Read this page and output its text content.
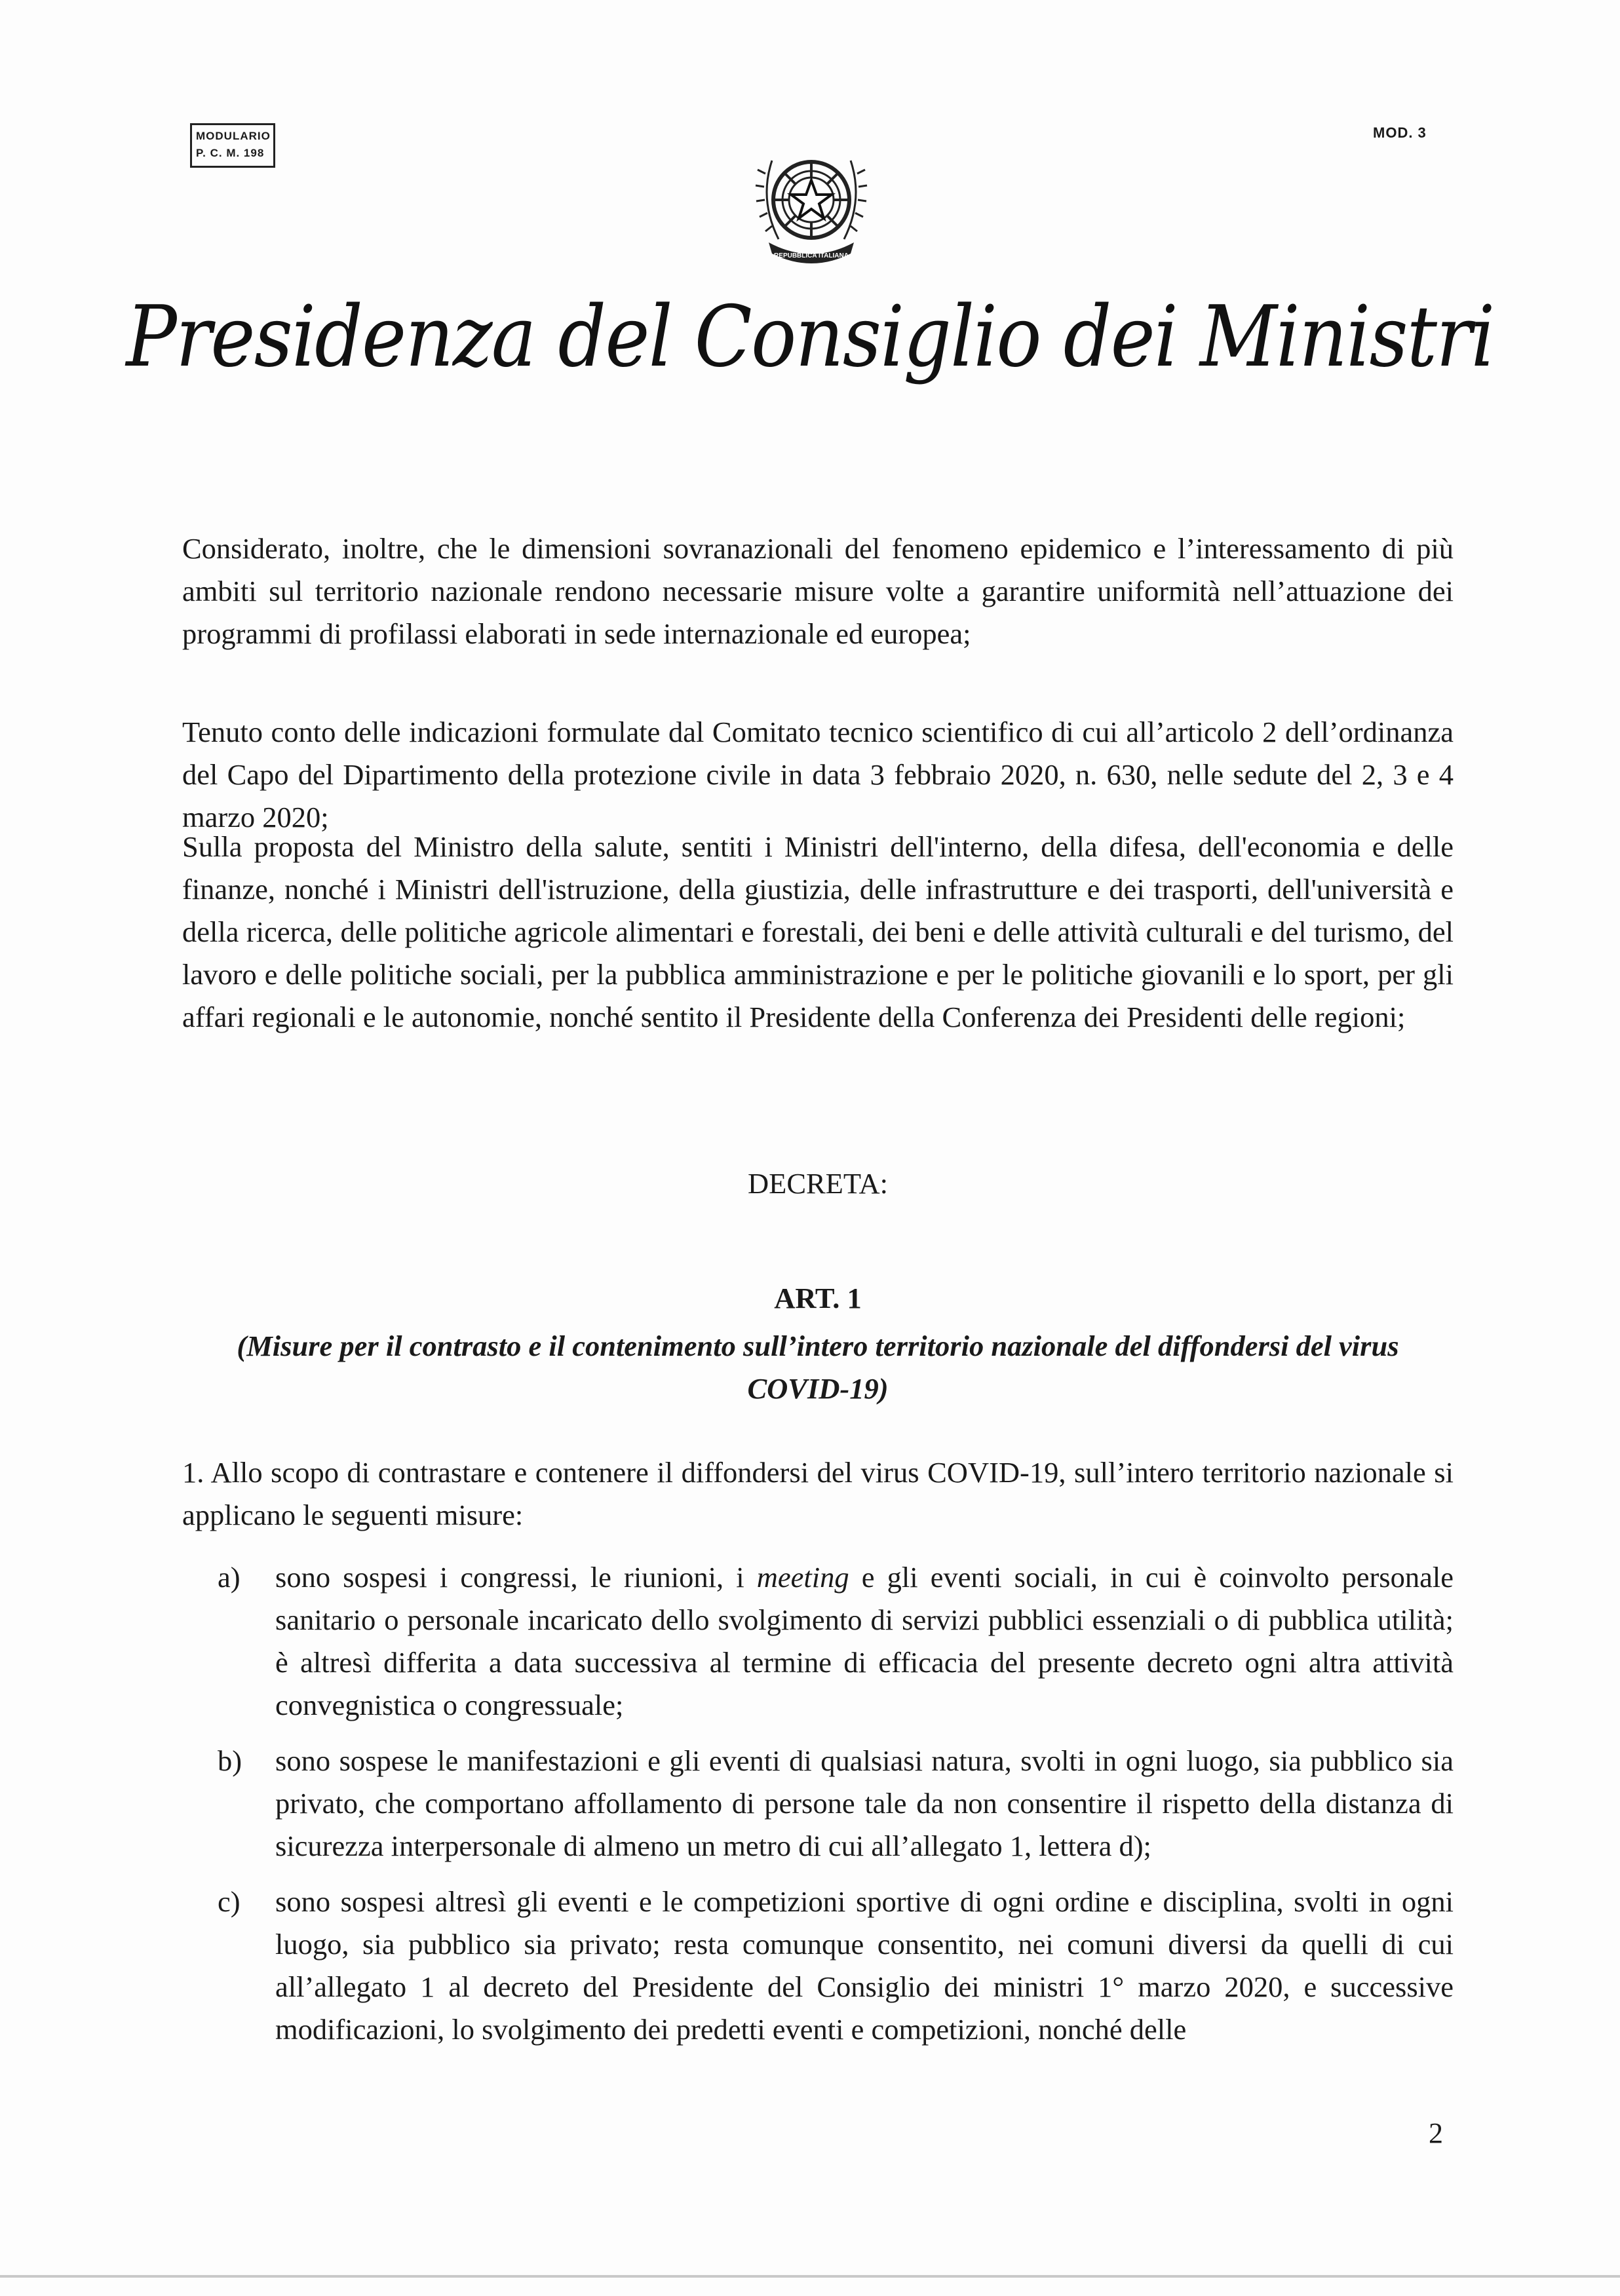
MODULARIO
P. C. M. 198
MOD. 3
REPUBBLICA ITALIANA
Presidenza del Consiglio dei Ministri

Considerato, inoltre, che le dimensioni sovranazionali del fenomeno epidemico e l’interessamento di più ambiti sul territorio nazionale rendono necessarie misure volte a garantire uniformità nell’attuazione dei programmi di profilassi elaborati in sede internazionale ed europea;

Tenuto conto delle indicazioni formulate dal Comitato tecnico scientifico di cui all’articolo 2 dell’ordinanza del Capo del Dipartimento della protezione civile in data 3 febbraio 2020, n. 630, nelle sedute del 2, 3 e 4 marzo 2020;

Sulla proposta del Ministro della salute, sentiti i Ministri dell'interno, della difesa, dell'economia e delle finanze, nonché i Ministri dell'istruzione, della giustizia, delle infrastrutture e dei trasporti, dell'università e della ricerca, delle politiche agricole alimentari e forestali, dei beni e delle attività culturali e del turismo, del lavoro e delle politiche sociali, per la pubblica amministrazione e per le politiche giovanili e lo sport, per gli affari regionali e le autonomie, nonché sentito il Presidente della Conferenza dei Presidenti delle regioni;

DECRETA:

ART. 1

(Misure per il contrasto e il contenimento sull’intero territorio nazionale del diffondersi del virus COVID-19)

1. Allo scopo di contrastare e contenere il diffondersi del virus COVID-19, sull’intero territorio nazionale si applicano le seguenti misure:

a)	sono sospesi i congressi, le riunioni, i meeting e gli eventi sociali, in cui è coinvolto personale sanitario o personale incaricato dello svolgimento di servizi pubblici essenziali o di pubblica utilità; è altresì differita a data successiva al termine di efficacia del presente decreto ogni altra attività convegnistica o congressuale;
b)	sono sospese le manifestazioni e gli eventi di qualsiasi natura, svolti in ogni luogo, sia pubblico sia privato, che comportano affollamento di persone tale da non consentire il rispetto della distanza di sicurezza interpersonale di almeno un metro di cui all’allegato 1, lettera d);
c)	sono sospesi altresì gli eventi e le competizioni sportive di ogni ordine e disciplina, svolti in ogni luogo, sia pubblico sia privato; resta comunque consentito, nei comuni diversi da quelli di cui all’allegato 1 al decreto del Presidente del Consiglio dei ministri 1° marzo 2020, e successive modificazioni, lo svolgimento dei predetti eventi e competizioni, nonché delle
2
